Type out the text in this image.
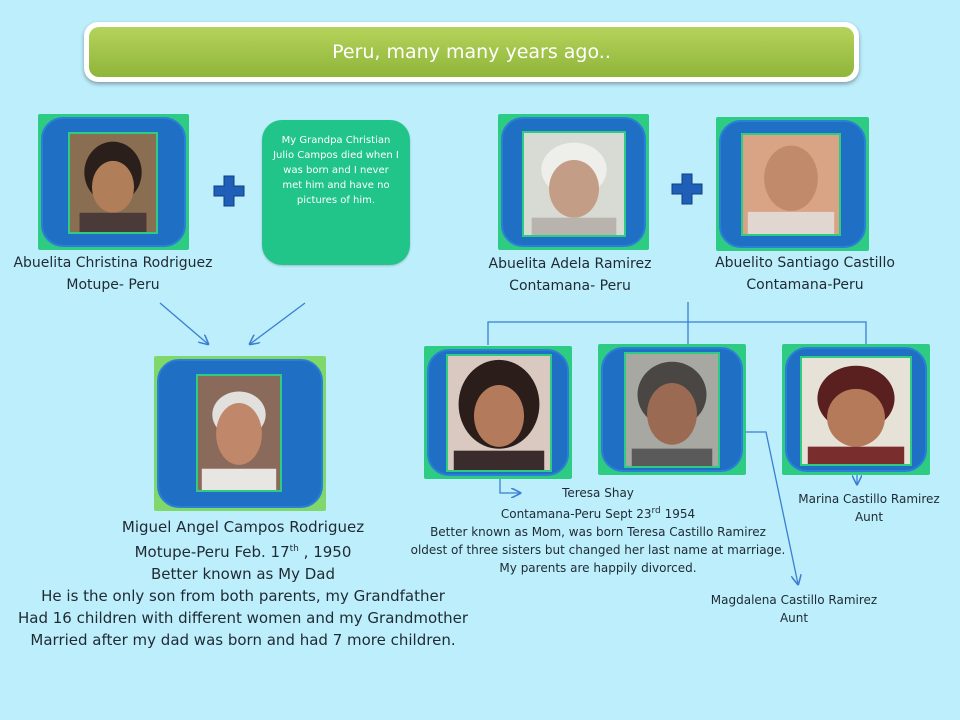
Peru, many many years ago..
My Grandpa Christian Julio Campos died when I was born and I never met him and have no pictures of him.
Abuelita Christina Rodriguez
Motupe- Peru
Abuelita Adela Ramirez
Contamana- Peru
Abuelito Santiago Castillo
Contamana-Peru
Miguel Angel Campos Rodriguez
Motupe-Peru Feb. 17th , 1950
Better known as My Dad
He is the only son from both parents, my Grandfather
Had 16 children with different women and my Grandmother
Married after my dad was born and had 7 more children.
Teresa Shay
Contamana-Peru Sept 23rd 1954
Better known as Mom, was born Teresa Castillo Ramirez
oldest of three sisters but changed her last name at marriage.
My parents are happily divorced.
Marina Castillo Ramirez
Aunt
Magdalena Castillo Ramirez
Aunt
